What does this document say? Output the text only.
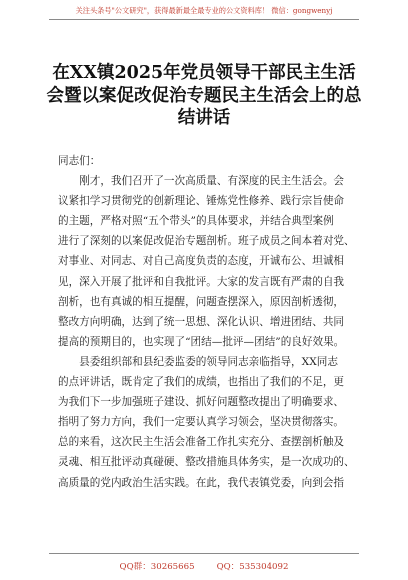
关注头条号"公文研究"，获得最新最全最专业的公文资料库！ 微信：gongwenyj
在XX镇2025年党员领导干部民主生活
会暨以案促改促治专题民主生活会上的总
结讲话
同志们：
　　刚才，我们召开了一次高质量、有深度的民主生活会。会
议紧扣学习贯彻党的创新理论、锤炼党性修养、践行宗旨使命
的主题，严格对照“五个带头”的具体要求，并结合典型案例
进行了深刻的以案促改促治专题剖析。班子成员之间本着对党、
对事业、对同志、对自己高度负责的态度，开诚布公、坦诚相
见，深入开展了批评和自我批评。大家的发言既有严肃的自我
剖析，也有真诚的相互提醒，问题查摆深入，原因剖析透彻，
整改方向明确，达到了统一思想、深化认识、增进团结、共同
提高的预期目的，也实现了“团结—批评—团结”的良好效果。
　　县委组织部和县纪委监委的领导同志亲临指导，XX同志
的点评讲话，既肯定了我们的成绩，也指出了我们的不足，更
为我们下一步加强班子建设、抓好问题整改提出了明确要求、
指明了努力方向，我们一定要认真学习领会，坚决贯彻落实。
总的来看，这次民主生活会准备工作扎实充分、查摆剖析触及
灵魂、相互批评动真碰硬、整改措施具体务实，是一次成功的、
高质量的党内政治生活实践。在此，我代表镇党委，向到会指
QQ群：30265665	QQ：535304092
